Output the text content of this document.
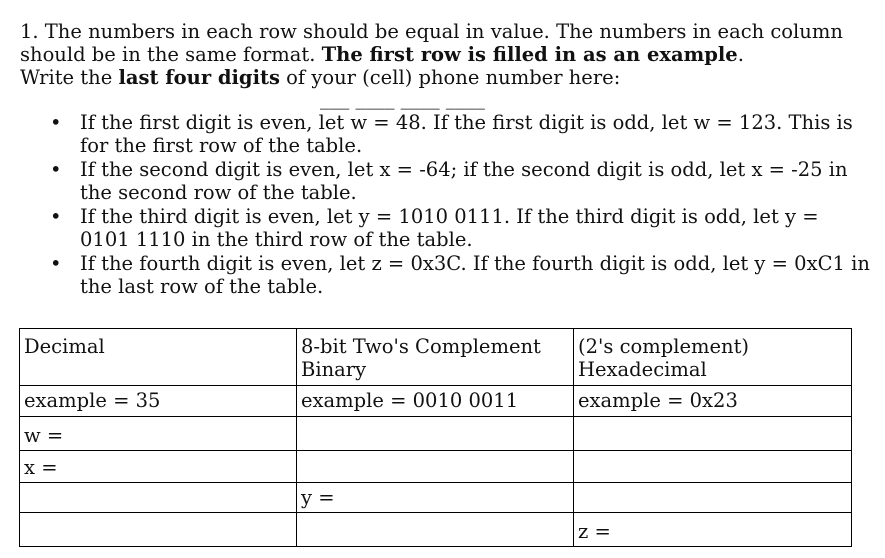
1. The numbers in each row should be equal in value. The numbers in each column should be in the same format. The first row is filled in as an example.
Write the last four digits of your (cell) phone number here:

___ ____ ____ ____

• If the first digit is even, let w = 48. If the first digit is odd, let w = 123. This is for the first row of the table.
• If the second digit is even, let x = -64; if the second digit is odd, let x = -25 in the second row of the table.
• If the third digit is even, let y = 1010 0111. If the third digit is odd, let y = 0101 1110 in the third row of the table.
• If the fourth digit is even, let z = 0x3C. If the fourth digit is odd, let y = 0xC1 in the last row of the table.
Decimal	8-bit Two's Complement Binary	(2's complement) Hexadecimal
example = 35	example = 0010 0011	example = 0x23
w =		
x =		
	y =	
		z =
